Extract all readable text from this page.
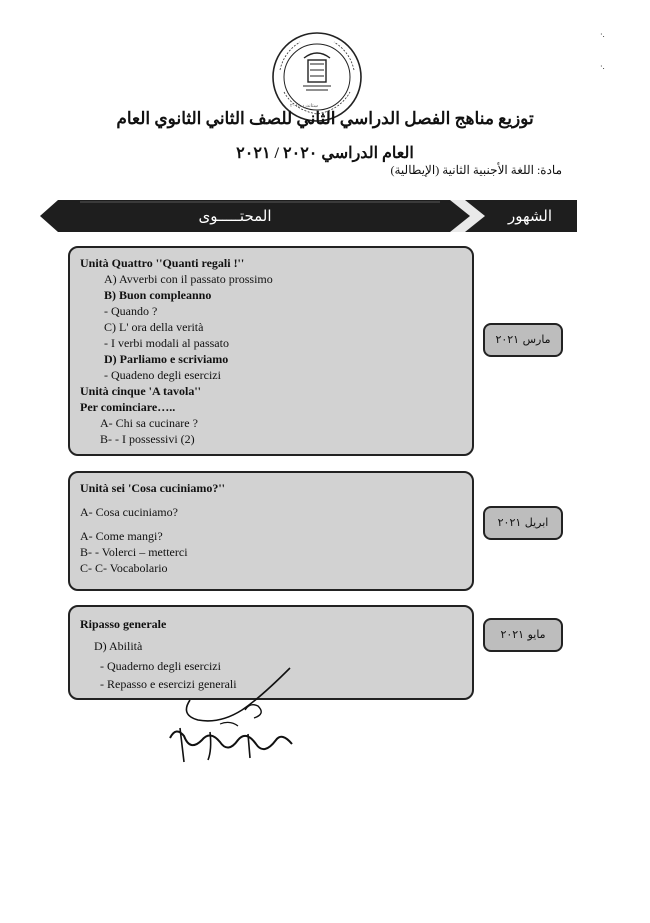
ستاندرد ٢٠١٨
توزيع مناهج الفصل الدراسي الثاني للصف الثاني الثانوي العام
العام الدراسي ٢٠٢٠ / ٢٠٢١
مادة: اللغة الأجنبية الثانية (الإيطالية)
المحتـــــوى	الشهور
Unità Quattro ''Quanti regali !''
A) Avverbi con il passato prossimo
B) Buon compleanno
- Quando ?
C) L' ora della verità
- I verbi modali al passato
D) Parliamo e scriviamo
- Quadeno degli esercizi
Unità cinque 'A tavola''
Per cominciare…..
A- Chi sa cucinare ?
B- - I possessivi (2)
مارس ٢٠٢١
Unità sei 'Cosa cuciniamo?''
A- Cosa cuciniamo?
A- Come mangi?
B- - Volerci – metterci
C- C- Vocabolario
ابريل ٢٠٢١
Ripasso generale
D) Abilità
- Quaderno degli esercizi
- Repasso e esercizi generali
مايو ٢٠٢١
·.
·.
